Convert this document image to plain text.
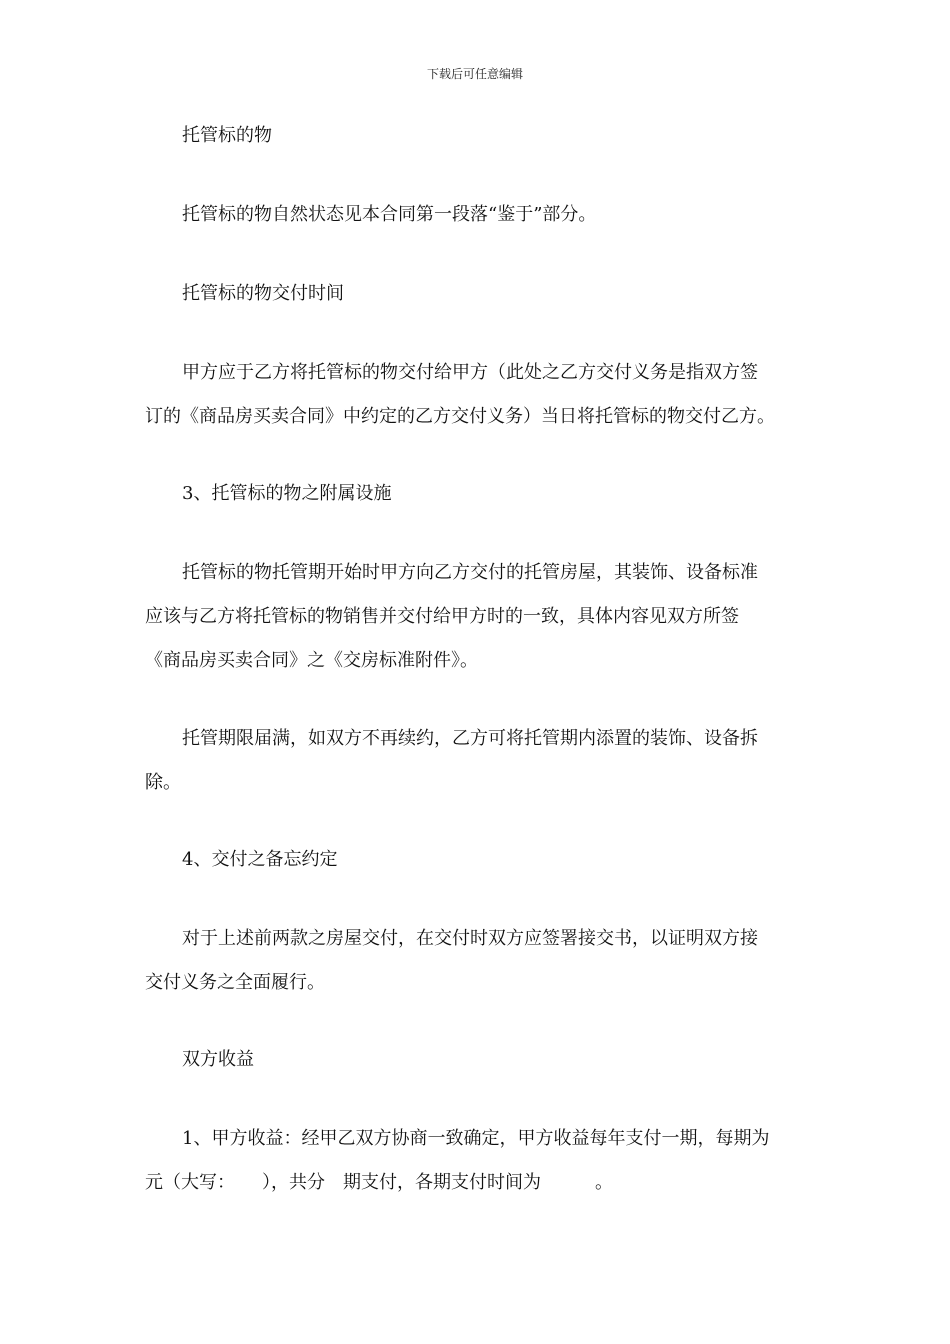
下载后可任意编辑

托管标的物

托管标的物自然状态见本合同第一段落“鉴于”部分。

托管标的物交付时间

甲方应于乙方将托管标的物交付给甲方（此处之乙方交付义务是指双方签
订的《商品房买卖合同》中约定的乙方交付义务）当日将托管标的物交付乙方。

3、托管标的物之附属设施

托管标的物托管期开始时甲方向乙方交付的托管房屋，其装饰、设备标准
应该与乙方将托管标的物销售并交付给甲方时的一致，具体内容见双方所签
《商品房买卖合同》之《交房标准附件》。

托管期限届满，如双方不再续约，乙方可将托管期内添置的装饰、设备拆
除。

4、交付之备忘约定

对于上述前两款之房屋交付，在交付时双方应签署接交书，以证明双方接
交付义务之全面履行。

双方收益

1、甲方收益：经甲乙双方协商一致确定，甲方收益每年支付一期，每期为
元（大写：　　），共分　期支付，各期支付时间为　　　。
